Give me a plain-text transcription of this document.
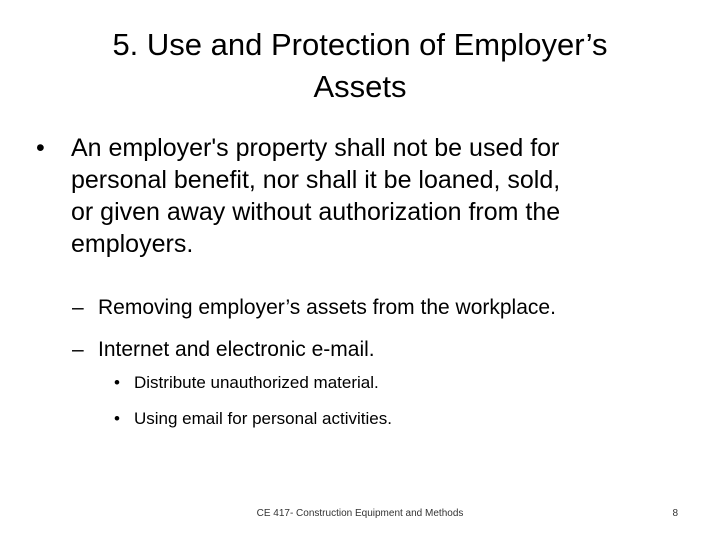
5. Use and Protection of Employer’s
Assets
• An employer's property shall not be used for
personal benefit, nor shall it be loaned, sold,
or given away without authorization from the
employers.
– Removing employer’s assets from the workplace.
– Internet and electronic e-mail.
• Distribute unauthorized material.
• Using email for personal activities.
CE 417- Construction Equipment and Methods	8
